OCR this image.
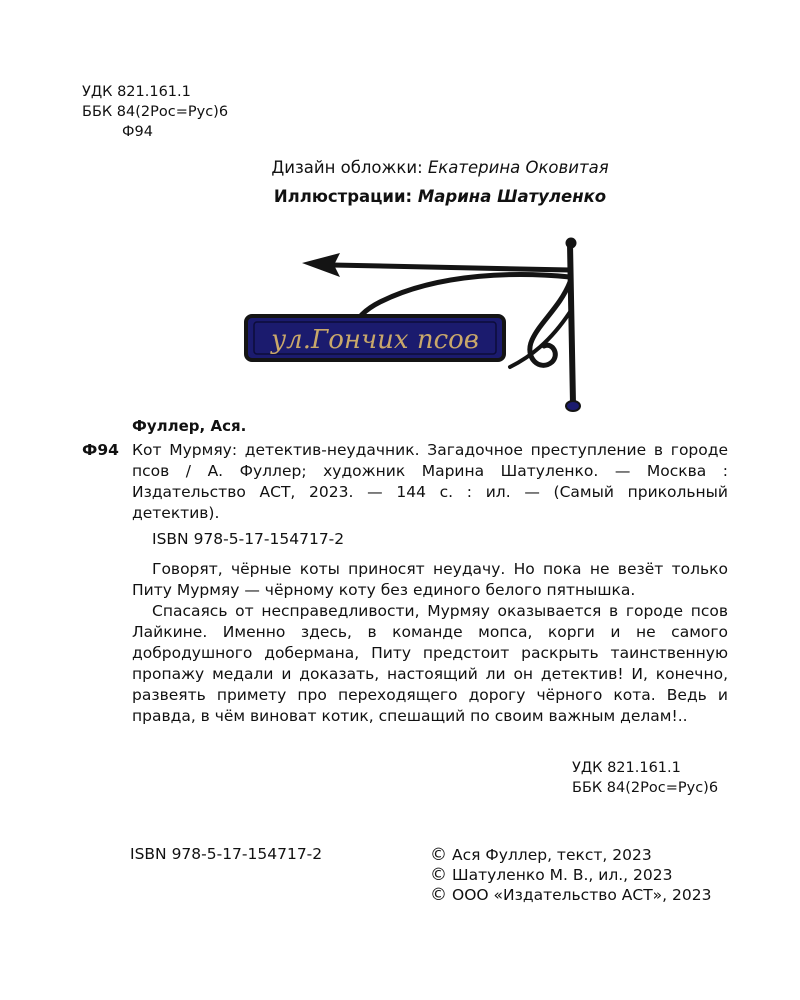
УДК 821.161.1
ББК 84(2Рос=Рус)6
Ф94
Дизайн обложки: Екатерина Оковитая
Иллюстрации: Марина Шатуленко
ул.Гончих псов
Фуллер, Ася.
Ф94 Кот Мурмяу: детектив-неудачник. Загадочное преступление в городе псов / А. Фуллер; художник Марина Шатуленко. — Москва : Издательство АСТ, 2023. — 144 с. : ил. — (Самый прикольный детектив).
ISBN 978-5-17-154717-2

Говорят, чёрные коты приносят неудачу. Но пока не везёт только Питу Мурмяу — чёрному коту без единого белого пятнышка.

Спасаясь от несправедливости, Мурмяу оказывается в городе псов Лайкине. Именно здесь, в команде мопса, корги и не самого добродушного добермана, Питу предстоит раскрыть таинственную пропажу медали и доказать, настоящий ли он детектив! И, конечно, развеять примету про переходящего дорогу чёрного кота. Ведь и правда, в чём виноват котик, спешащий по своим важным делам!..

УДК 821.161.1
ББК 84(2Рос=Рус)6
ISBN 978-5-17-154717-2	© Ася Фуллер, текст, 2023
© Шатуленко М. В., ил., 2023
© ООО «Издательство АСТ», 2023
